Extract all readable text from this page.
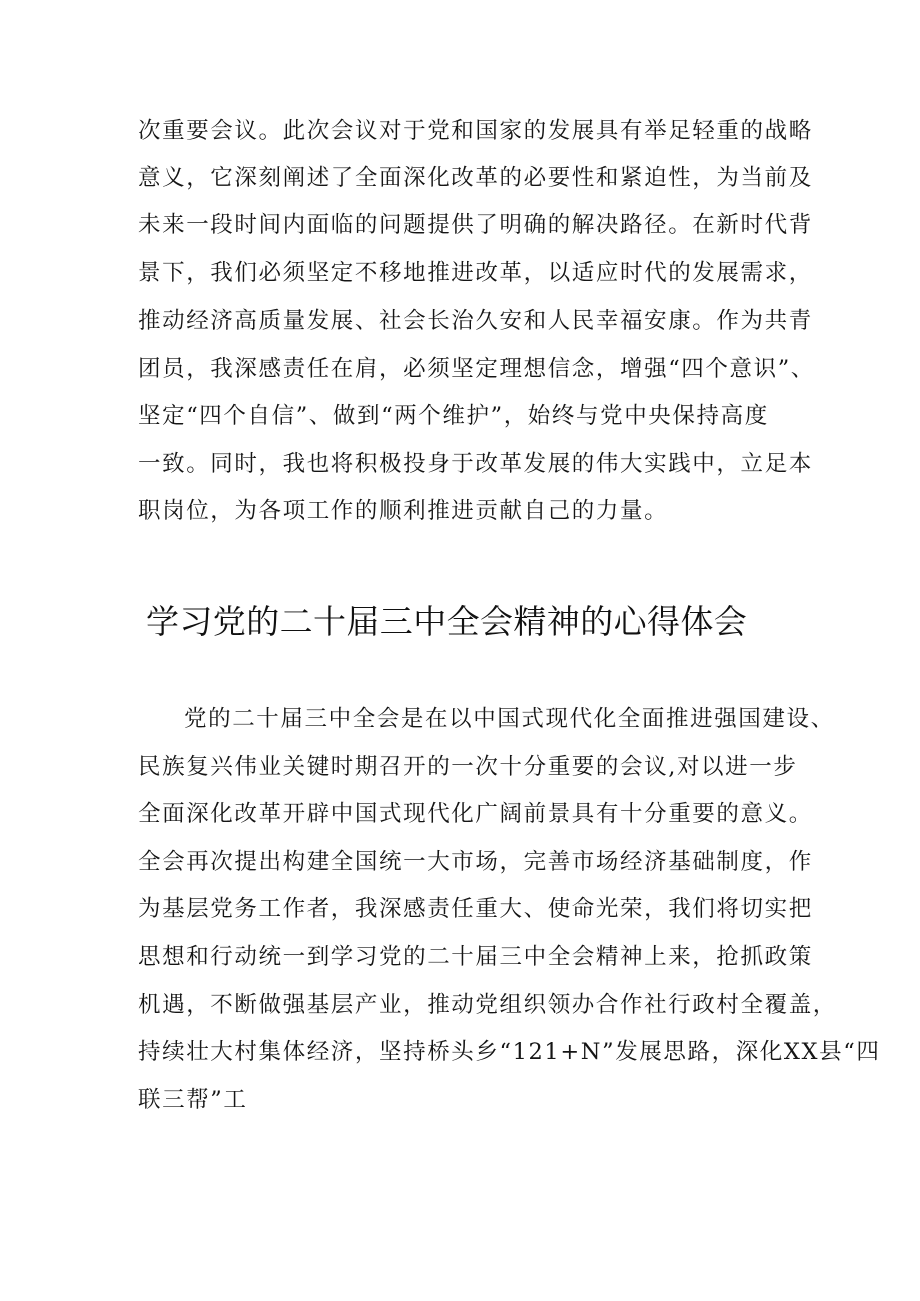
次重要会议。此次会议对于党和国家的发展具有举足轻重的战略
意义，它深刻阐述了全面深化改革的必要性和紧迫性，为当前及
未来一段时间内面临的问题提供了明确的解决路径。在新时代背
景下，我们必须坚定不移地推进改革，以适应时代的发展需求，
推动经济高质量发展、社会长治久安和人民幸福安康。作为共青
团员，我深感责任在肩，必须坚定理想信念，增强“四个意识”、
坚定“四个自信”、做到“两个维护”，始终与党中央保持高度
一致。同时，我也将积极投身于改革发展的伟大实践中，立足本
职岗位，为各项工作的顺利推进贡献自己的力量。
学习党的二十届三中全会精神的心得体会
党的二十届三中全会是在以中国式现代化全面推进强国建设、
民族复兴伟业关键时期召开的一次十分重要的会议,对以进一步
全面深化改革开辟中国式现代化广阔前景具有十分重要的意义。
全会再次提出构建全国统一大市场，完善市场经济基础制度，作
为基层党务工作者，我深感责任重大、使命光荣，我们将切实把
思想和行动统一到学习党的二十届三中全会精神上来，抢抓政策
机遇，不断做强基层产业，推动党组织领办合作社行政村全覆盖，
持续壮大村集体经济，坚持桥头乡“121+N”发展思路，深化XX县“四
联三帮”工
